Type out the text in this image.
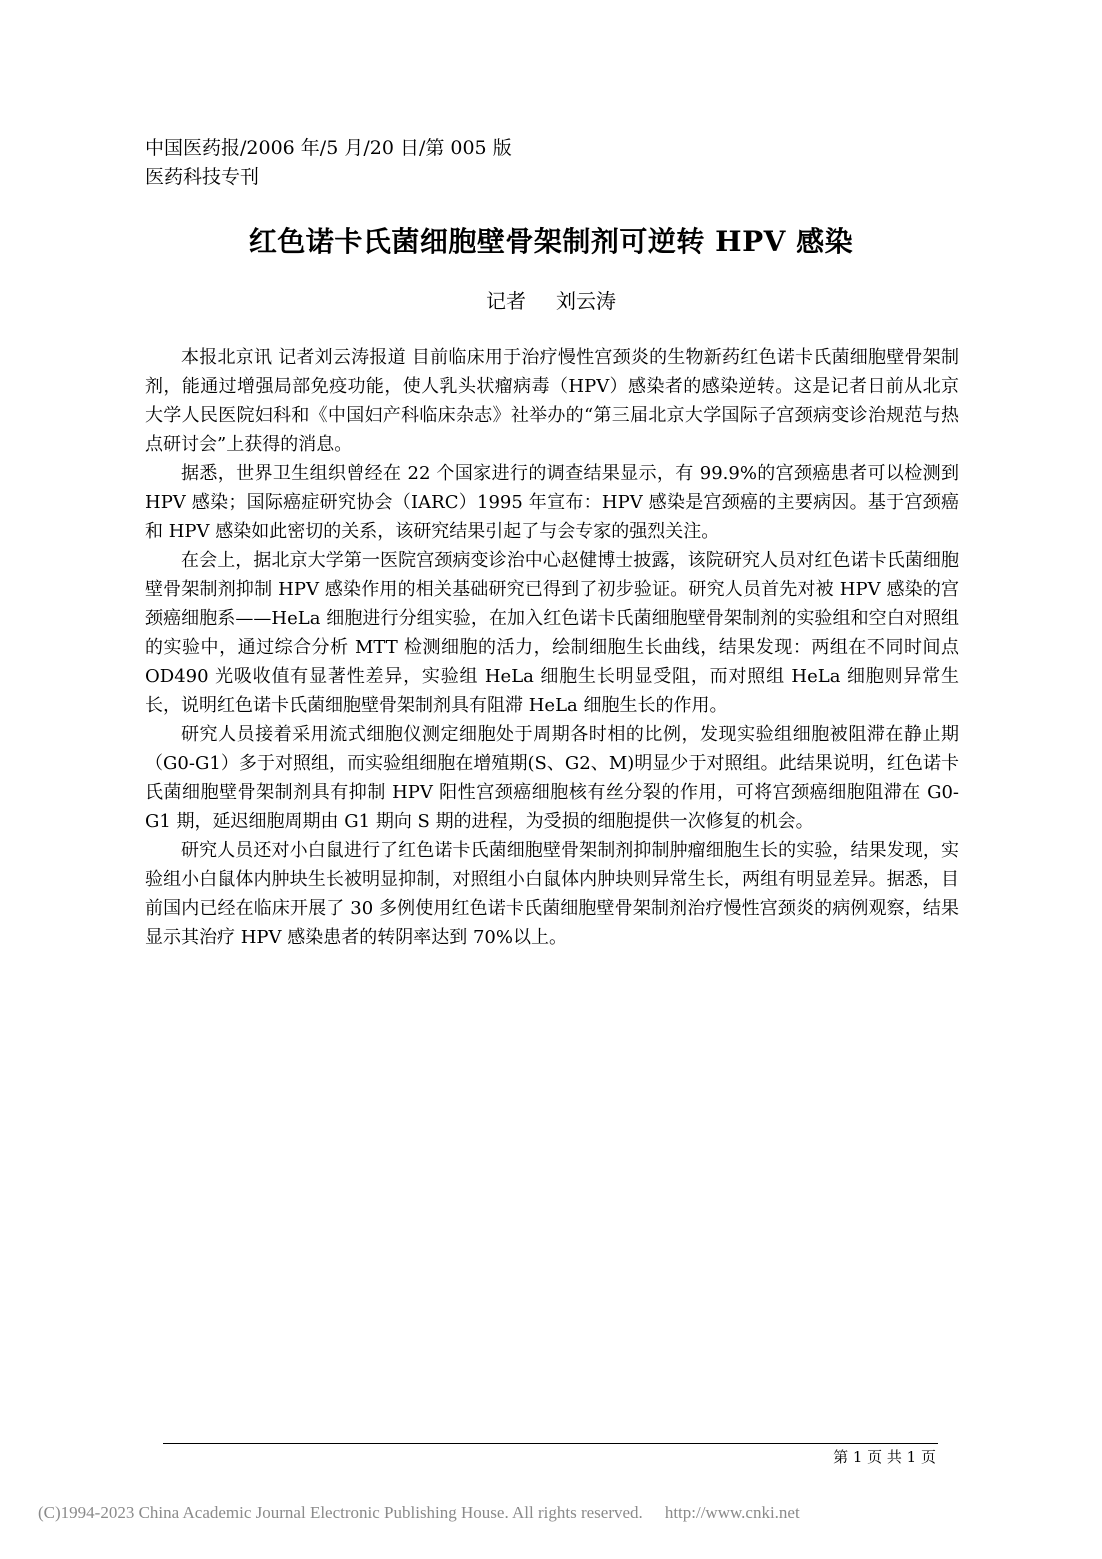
中国医药报/2006 年/5 月/20 日/第 005 版
医药科技专刊
红色诺卡氏菌细胞壁骨架制剂可逆转 HPV 感染
记者 刘云涛

本报北京讯 记者刘云涛报道 目前临床用于治疗慢性宫颈炎的生物新药红色诺卡氏菌细胞壁骨架制剂，能通过增强局部免疫功能，使人乳头状瘤病毒（HPV）感染者的感染逆转。这是记者日前从北京大学人民医院妇科和《中国妇产科临床杂志》社举办的“第三届北京大学国际子宫颈病变诊治规范与热点研讨会”上获得的消息。

据悉，世界卫生组织曾经在 22 个国家进行的调查结果显示，有 99.9%的宫颈癌患者可以检测到 HPV 感染；国际癌症研究协会（IARC）1995 年宣布：HPV 感染是宫颈癌的主要病因。基于宫颈癌和 HPV 感染如此密切的关系，该研究结果引起了与会专家的强烈关注。

在会上，据北京大学第一医院宫颈病变诊治中心赵健博士披露，该院研究人员对红色诺卡氏菌细胞壁骨架制剂抑制 HPV 感染作用的相关基础研究已得到了初步验证。研究人员首先对被 HPV 感染的宫颈癌细胞系——HeLa 细胞进行分组实验，在加入红色诺卡氏菌细胞壁骨架制剂的实验组和空白对照组的实验中，通过综合分析 MTT 检测细胞的活力，绘制细胞生长曲线，结果发现：两组在不同时间点 OD490 光吸收值有显著性差异，实验组 HeLa 细胞生长明显受阻，而对照组 HeLa 细胞则异常生长，说明红色诺卡氏菌细胞壁骨架制剂具有阻滞 HeLa 细胞生长的作用。

研究人员接着采用流式细胞仪测定细胞处于周期各时相的比例，发现实验组细胞被阻滞在静止期（G0-G1）多于对照组，而实验组细胞在增殖期(S、G2、M)明显少于对照组。此结果说明，红色诺卡氏菌细胞壁骨架制剂具有抑制 HPV 阳性宫颈癌细胞核有丝分裂的作用，可将宫颈癌细胞阻滞在 G0-G1 期，延迟细胞周期由 G1 期向 S 期的进程，为受损的细胞提供一次修复的机会。

研究人员还对小白鼠进行了红色诺卡氏菌细胞壁骨架制剂抑制肿瘤细胞生长的实验，结果发现，实验组小白鼠体内肿块生长被明显抑制，对照组小白鼠体内肿块则异常生长，两组有明显差异。据悉，目前国内已经在临床开展了 30 多例使用红色诺卡氏菌细胞壁骨架制剂治疗慢性宫颈炎的病例观察，结果显示其治疗 HPV 感染患者的转阴率达到 70%以上。

第 1 页 共 1 页
(C)1994-2023 China Academic Journal Electronic Publishing House. All rights reserved. http://www.cnki.net
